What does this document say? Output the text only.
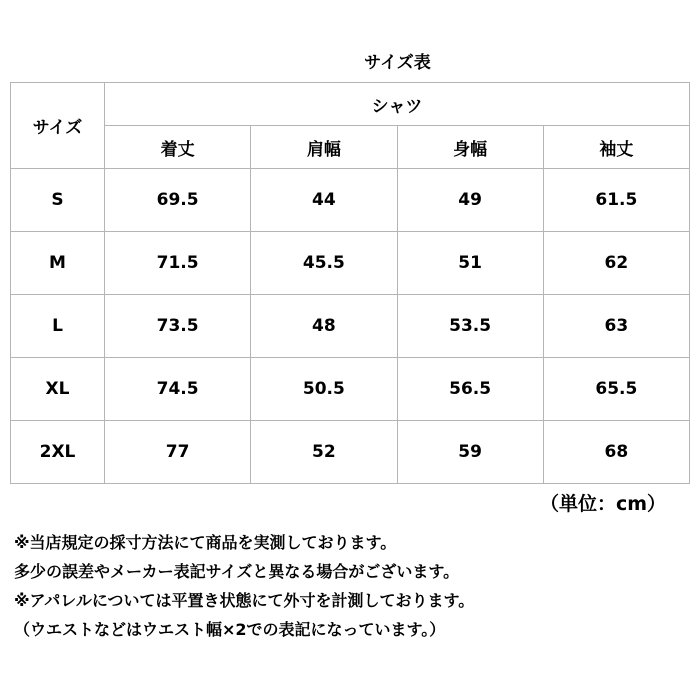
サイズ表
サイズ	シャツ			
	着丈	肩幅	身幅	袖丈
S	69.5	44	49	61.5
M	71.5	45.5	51	62
L	73.5	48	53.5	63
XL	74.5	50.5	56.5	65.5
2XL	77	52	59	68
（単位：cm）
※当店規定の採寸方法にて商品を実測しております。
多少の誤差やメーカー表記サイズと異なる場合がございます。
※アパレルについては平置き状態にて外寸を計測しております。
（ウエストなどはウエスト幅×2での表記になっています。）
